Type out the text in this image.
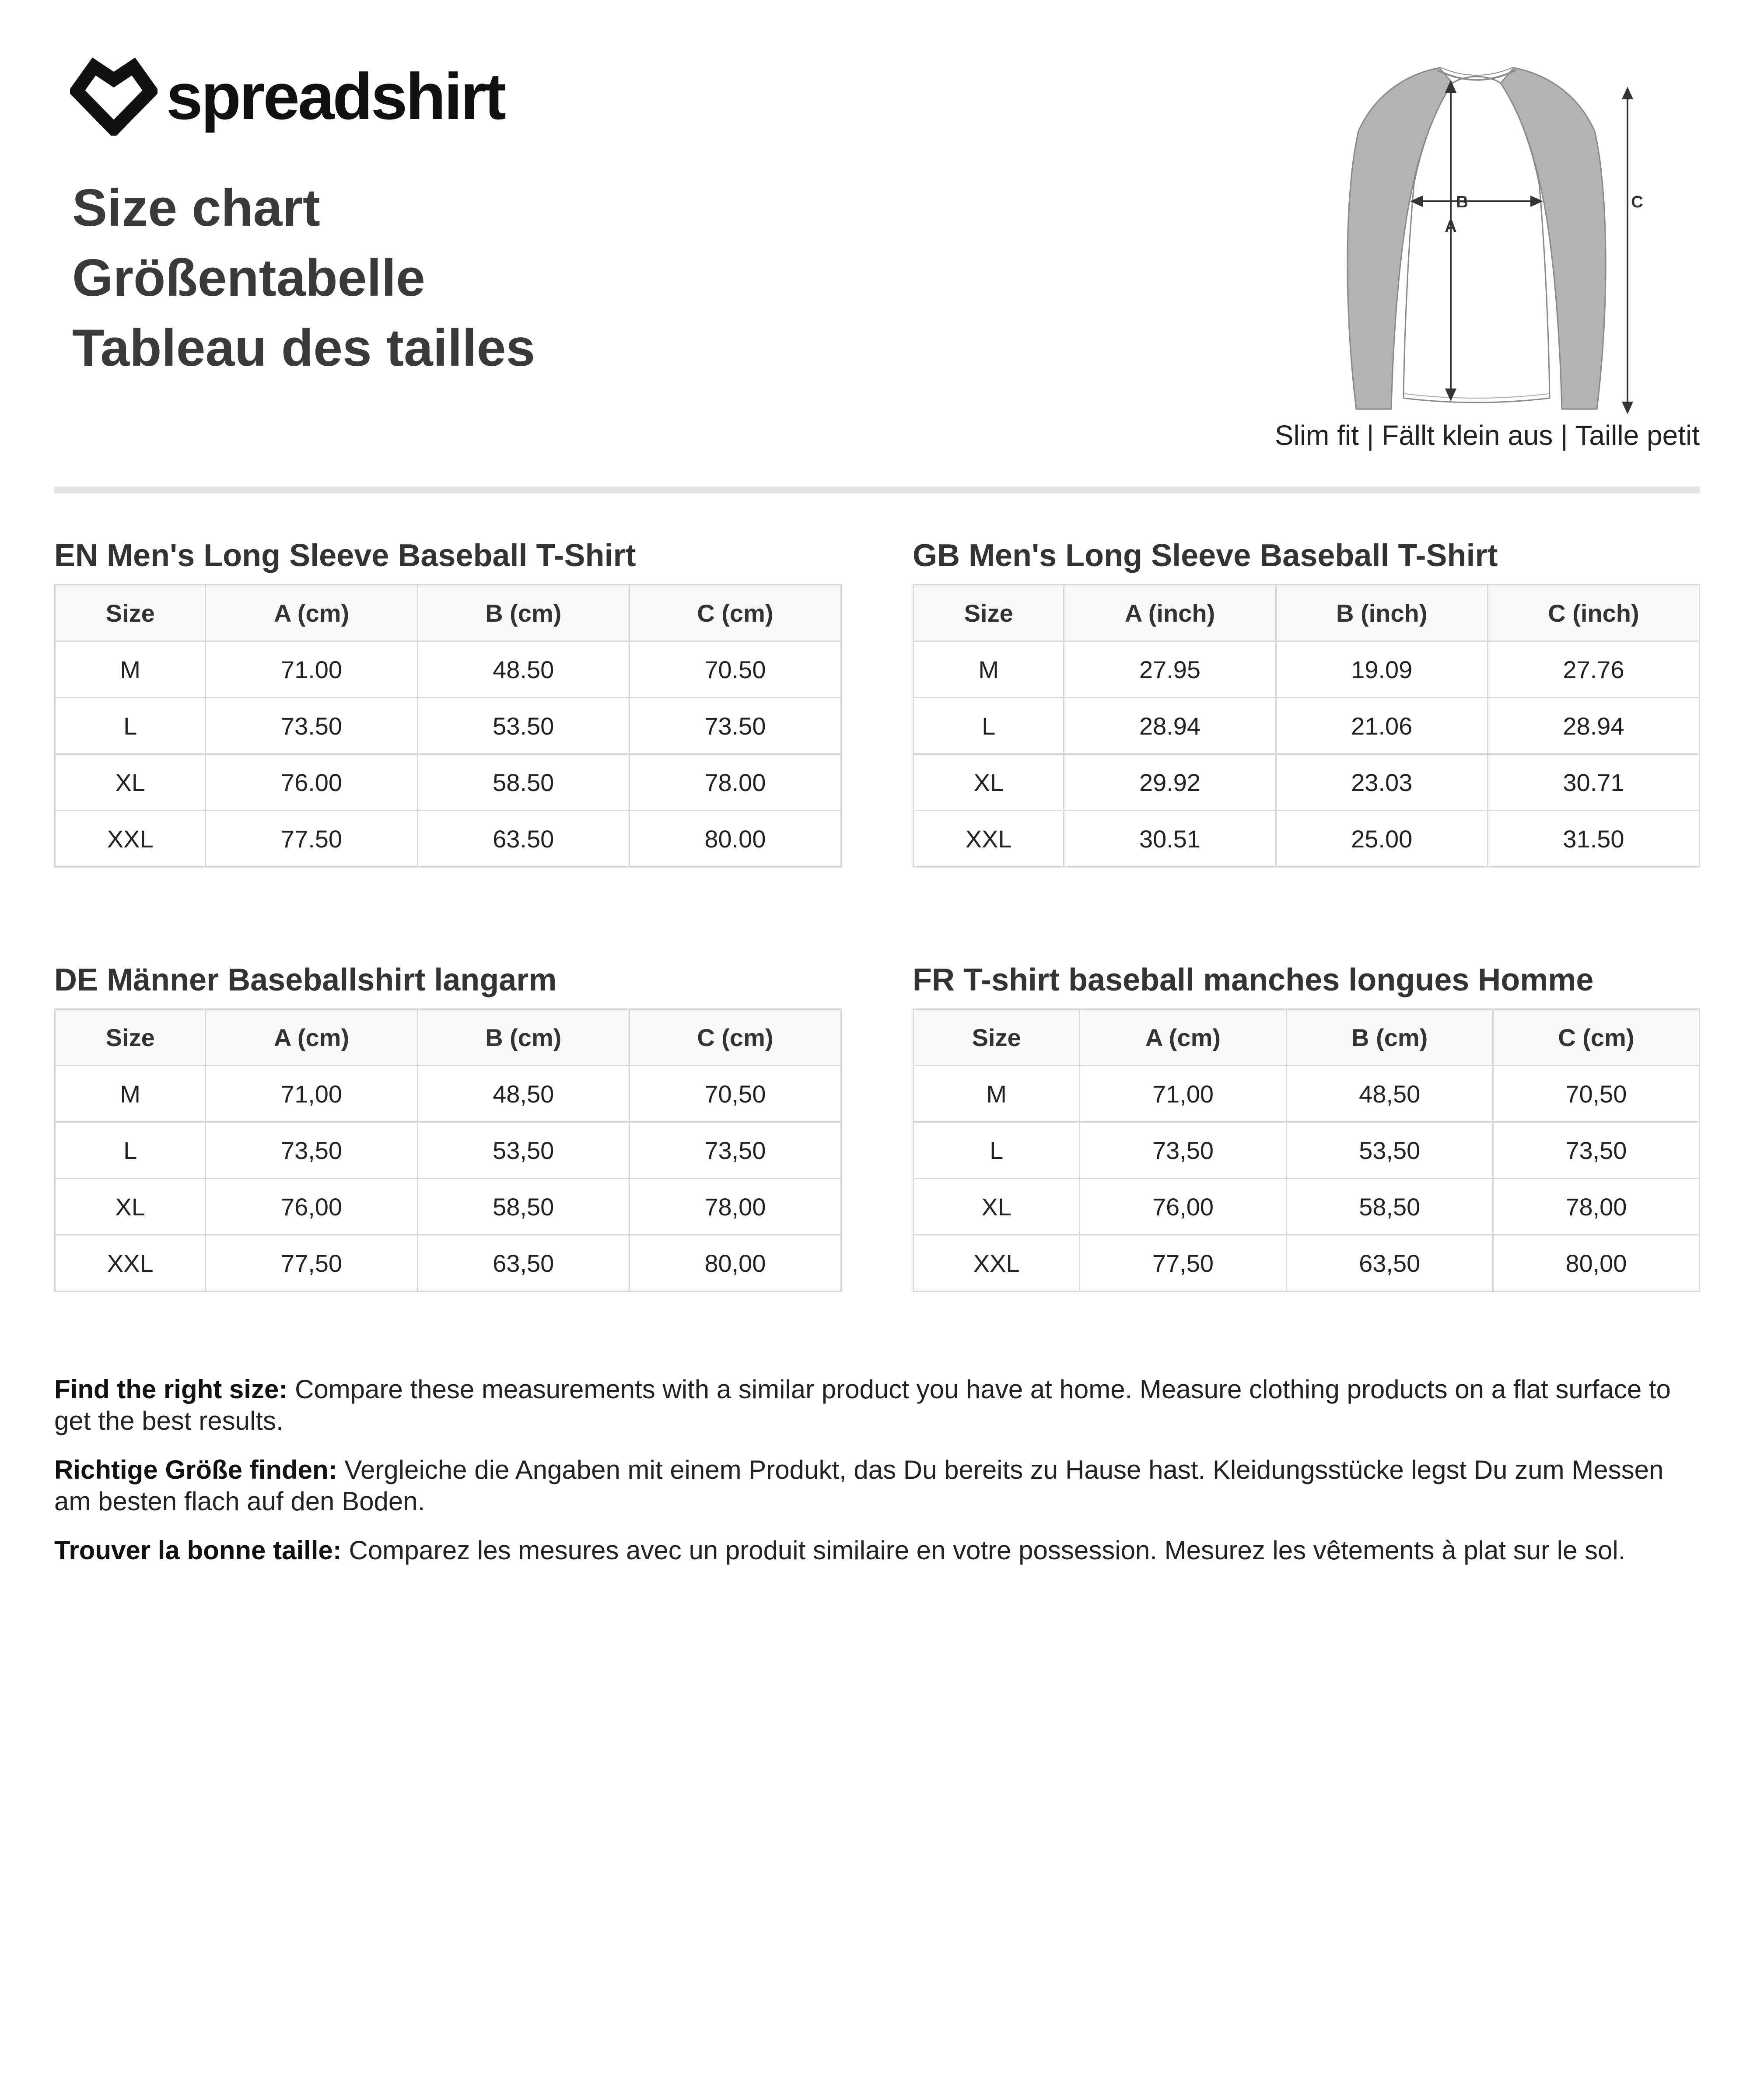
spreadshirt
Size chart
Größentabelle
Tableau des tailles
A
B	C
Slim fit | Fällt klein aus | Taille petit
EN Men's Long Sleeve Baseball T-Shirt
Size	A (cm)	B (cm)	C (cm)
M	71.00	48.50	70.50
L	73.50	53.50	73.50
XL	76.00	58.50	78.00
XXL	77.50	63.50	80.00
GB Men's Long Sleeve Baseball T-Shirt
Size	A (inch)	B (inch)	C (inch)
M	27.95	19.09	27.76
L	28.94	21.06	28.94
XL	29.92	23.03	30.71
XXL	30.51	25.00	31.50
DE Männer Baseballshirt langarm
Size	A (cm)	B (cm)	C (cm)
M	71,00	48,50	70,50
L	73,50	53,50	73,50
XL	76,00	58,50	78,00
XXL	77,50	63,50	80,00
FR T-shirt baseball manches longues Homme
Size	A (cm)	B (cm)	C (cm)
M	71,00	48,50	70,50
L	73,50	53,50	73,50
XL	76,00	58,50	78,00
XXL	77,50	63,50	80,00

Find the right size: Compare these measurements with a similar product you have at home. Measure clothing products on a flat surface to get the best results.

Richtige Größe finden: Vergleiche die Angaben mit einem Produkt, das Du bereits zu Hause hast. Kleidungsstücke legst Du zum Messen am besten flach auf den Boden.

Trouver la bonne taille: Comparez les mesures avec un produit similaire en votre possession. Mesurez les vêtements à plat sur le sol.
